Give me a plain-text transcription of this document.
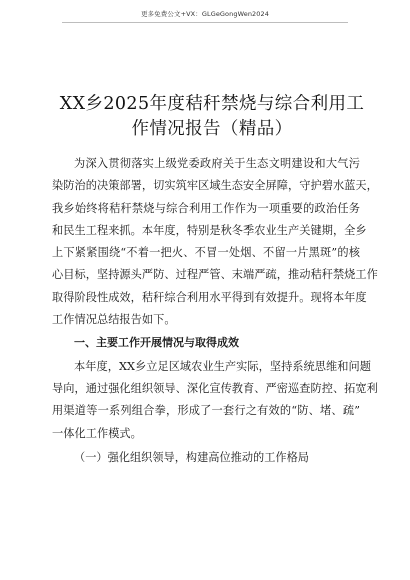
更多免费公文+VX：GLGeGongWen2024
XX乡2025年度秸秆禁烧与综合利用工
作情况报告（精品）
为深入贯彻落实上级党委政府关于生态文明建设和大气污
染防治的决策部署，切实筑牢区域生态安全屏障，守护碧水蓝天，
我乡始终将秸秆禁烧与综合利用工作作为一项重要的政治任务
和民生工程来抓。本年度，特别是秋冬季农业生产关键期，全乡
上下紧紧围绕“不着一把火、不冒一处烟、不留一片黑斑”的核
心目标，坚持源头严防、过程严管、末端严疏，推动秸秆禁烧工作
取得阶段性成效，秸秆综合利用水平得到有效提升。现将本年度
工作情况总结报告如下。
一、主要工作开展情况与取得成效
本年度，XX乡立足区域农业生产实际，坚持系统思维和问题
导向，通过强化组织领导、深化宣传教育、严密巡查防控、拓宽利
用渠道等一系列组合拳，形成了一套行之有效的“防、堵、疏”
一体化工作模式。
（一）强化组织领导，构建高位推动的工作格局
